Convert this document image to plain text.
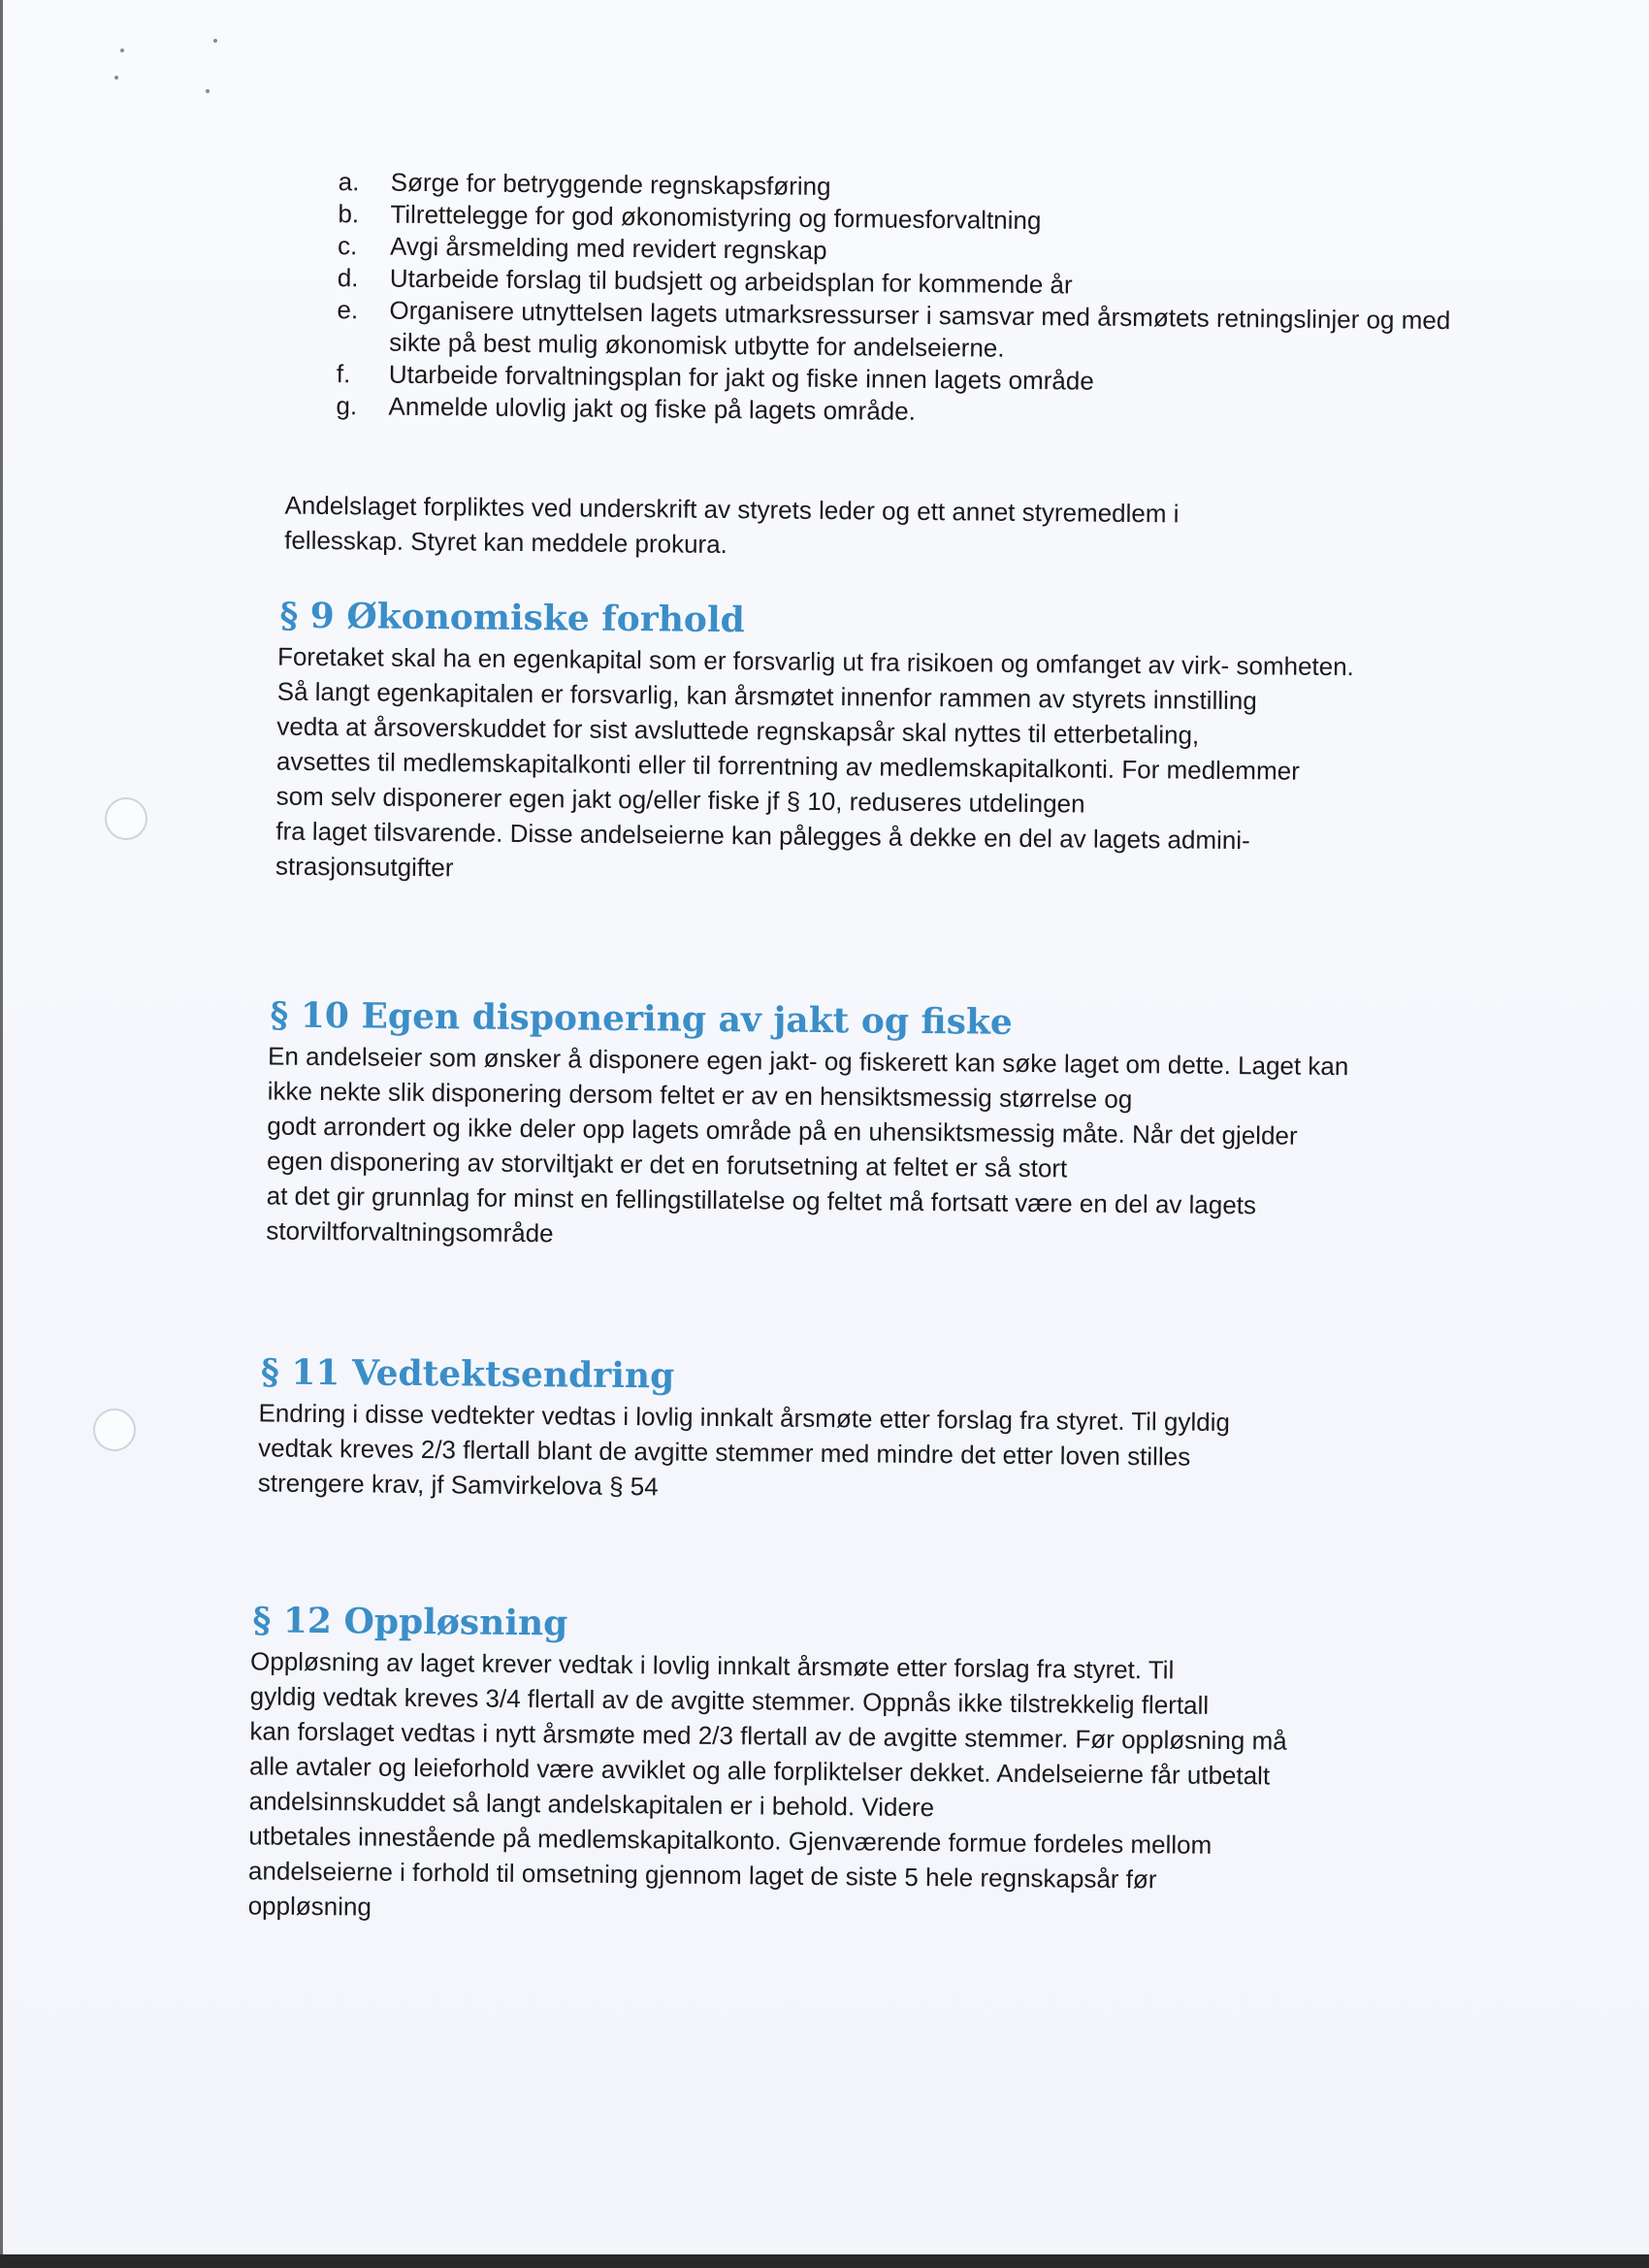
a.	Sørge for betryggende regnskapsføring
b.	Tilrettelegge for god økonomistyring og formuesforvaltning
c.	Avgi årsmelding med revidert regnskap
d.	Utarbeide forslag til budsjett og arbeidsplan for kommende år
e.	Organisere utnyttelsen lagets utmarksressurser i samsvar med årsmøtets retningslinjer og med sikte på best mulig økonomisk utbytte for andelseierne.
f.	Utarbeide forvaltningsplan for jakt og fiske innen lagets område
g.	Anmelde ulovlig jakt og fiske på lagets område.

Andelslaget forpliktes ved underskrift av styrets leder og ett annet styremedlem i
fellesskap. Styret kan meddele prokura.

§ 9 Økonomiske forhold

Foretaket skal ha en egenkapital som er forsvarlig ut fra risikoen og omfanget av virk- somheten.
Så langt egenkapitalen er forsvarlig, kan årsmøtet innenfor rammen av styrets innstilling
vedta at årsoverskuddet for sist avsluttede regnskapsår skal nyttes til etterbetaling,
avsettes til medlemskapitalkonti eller til forrentning av medlemskapitalkonti. For medlemmer
som selv disponerer egen jakt og/eller fiske jf § 10, reduseres utdelingen
fra laget tilsvarende. Disse andelseierne kan pålegges å dekke en del av lagets admini-
strasjonsutgifter

§ 10 Egen disponering av jakt og fiske

En andelseier som ønsker å disponere egen jakt- og fiskerett kan søke laget om dette. Laget kan
ikke nekte slik disponering dersom feltet er av en hensiktsmessig størrelse og
godt arrondert og ikke deler opp lagets område på en uhensiktsmessig måte. Når det gjelder
egen disponering av storviltjakt er det en forutsetning at feltet er så stort
at det gir grunnlag for minst en fellingstillatelse og feltet må fortsatt være en del av lagets
storviltforvaltningsområde

§ 11 Vedtektsendring

Endring i disse vedtekter vedtas i lovlig innkalt årsmøte etter forslag fra styret. Til gyldig
vedtak kreves 2/3 flertall blant de avgitte stemmer med mindre det etter loven stilles
strengere krav, jf Samvirkelova § 54

§ 12 Oppløsning

Oppløsning av laget krever vedtak i lovlig innkalt årsmøte etter forslag fra styret. Til
gyldig vedtak kreves 3/4 flertall av de avgitte stemmer. Oppnås ikke tilstrekkelig flertall
kan forslaget vedtas i nytt årsmøte med 2/3 flertall av de avgitte stemmer. Før oppløsning må
alle avtaler og leieforhold være avviklet og alle forpliktelser dekket. Andelseierne får utbetalt
andelsinnskuddet så langt andelskapitalen er i behold. Videre
utbetales innestående på medlemskapitalkonto. Gjenværende formue fordeles mellom
andelseierne i forhold til omsetning gjennom laget de siste 5 hele regnskapsår før
oppløsning
